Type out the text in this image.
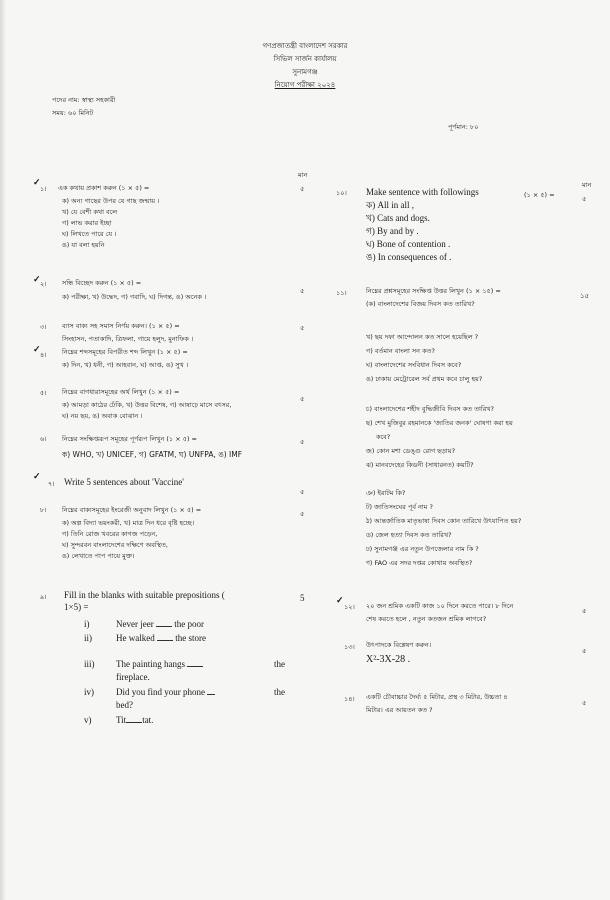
গণপ্রজাতন্ত্রী বাংলাদেশ সরকার
সিভিল সার্জন কার্যালয়
সুনামগঞ্জ
নিয়োগ পরীক্ষা ২০২৪
পদের নাম: স্বাস্থ্য সহকারী
সময়: ৬০ মিনিট
পূর্ণমান: ৮০
মান
মান
✓
১। এক কথায় প্রকাশ করুন (১ × ৫) =	৫
ক) অন্য গাছের উপর যে গাছ জন্মায় ।
খ) যে বেশী কথা বলে
গ) লাভ করার ইচ্ছা
ঘ) লিখতে পারে যে ।
ঙ) যা বলা হয়নি
✓ ২। সন্ধি বিচ্ছেদ করুন (১ × ৫) =
৫
ক) পরীক্ষা, খ) উদ্ধেদ, গ) গবাদি, ঘ) দিগন্ত, ঙ) অনেক ।
৩। ব্যাস বাক্য সহ সমাস নির্ণয় করুন। (১ × ৫) =	৫
সিংহাসন, পতাকাদি, ত্রিফলা, গায়ে হলুদ, মুনাফিক ।
✓ ৪। নিম্নের শব্দসমূহের বিপরীত শব্দ লিখুন (১ × ৫) =
ক) দিন, খ) ধনী, গ) আহবান, ঘ) আপ্ত, ঙ) সুখ ।
৫। নিম্নের বাগধারাসমূহের অর্থ লিখুন (১ × ৫) =
৫
ক) আমড়া কাঠের ঢেঁকি, খ) উত্তর বিশেষ, গ) আষাঢ়ে মাসে বৎসর,
ঘ) নয় ছয়, ঙ) অবাক বোঝান ।
৬। নিম্নের সংক্ষিপ্তরূপ সমূহের পূর্ণরূপ লিখুন (১ × ৫) =	৫
ক) WHO, খ) UNICEF, গ) GFATM, ঘ) UNFPA, ঙ) IMF
✓
৭। Write 5 sentences about 'Vaccine'
৫
৮। নিম্নের বাক্যসমূহের ইংরেজী অনুবাদ লিখুন (১ × ৫) =	৫
ক) অল্প বিদ্যা ভয়ংকরী, খ) মাত্র দিন ধরে বৃষ্টি হচ্ছে।
গ) তিনি রোজ খবরের কাগজ পড়েন,
ঘ) সুন্দরবন বাংলাদেশের দক্ষিণে অবস্থিত,
ঙ) লেখাতে পাপ পায়ে মুক্ত।
৯। Fill in the blanks with suitable prepositions (
1×5) =
5
i)	Never jeer the poor
ii)	He walked the store
iii) The painting hangs	the
fireplace.
iv) Did you find your phone	the
bed?
v)	Tit tat.
১০। Make sentence with followings	(১ × ৫) =	৫
ক) All in all ,
খ) Cats and dogs.
গ) By and by .
ঘ) Bone of contention .
ঙ) In consequences of .
১১।	নিম্নের প্রশ্নসমূহের সংক্ষিপ্ত উত্তর লিখুন (১ × ১৫) =
১৫
(ক) বাংলাদেশের বিজয় দিবস কত তারিখ?
খ) ছয় দফা আন্দোলন কত সালে হয়েছিল ?
গ) বর্তমান বাংলা সন কত?
ঘ) বাংলাদেশের সংবিধান দিবস কবে?
ঙ) ঢাকায় মেট্রোরেল সর্ব প্রথম কবে চালু হয়?
চ) বাংলাদেশের শহীদ বুদ্ধিজীবি দিবস কত তারিখ?
ছ) শেখ মুজিবুর রহমানকে 'জাতির জনক' ঘোষণা করা হয়
কবে?
জ) কোন মশা ডেঙ্গু রোগ ছড়ায়?
ঝ) মানবদেহের কিডনী (সাধারনত) কয়টি?
ঞ) ইরাটম কি?
ট) জাতিসংঘের পূর্ব নাম ?
ঠ) আন্তর্জাতিক মাতৃভাষা দিবস কোন তারিখে উৎযাপিত হয়?
ড) জেল হত্যা দিবস কত তারিখ?
ঢ) সুনামগঞ্জ এর নতুন উপজেলার নাম কি ?
ণ) FAO এর সদর দপ্তর কোথায় অবস্থিত?
✓
১২। ২০ জন শ্রমিক একটি কাজ ১০ দিনে করতে পারে। ৮ দিনে
শেষ করতে হলে , নতুন কতজন শ্রমিক লাগবে?
৫
১৩। উৎপাদকে বিশ্লেষণ করুন।
X²-3X-28 .
৫
১৪। একটি চৌবাচ্চার দৈর্ঘ্য ৫ মিটার, প্রস্থ ৩ মিটার, উচ্চতা ৪
মিটার। এর আয়তন কত ?
৫
